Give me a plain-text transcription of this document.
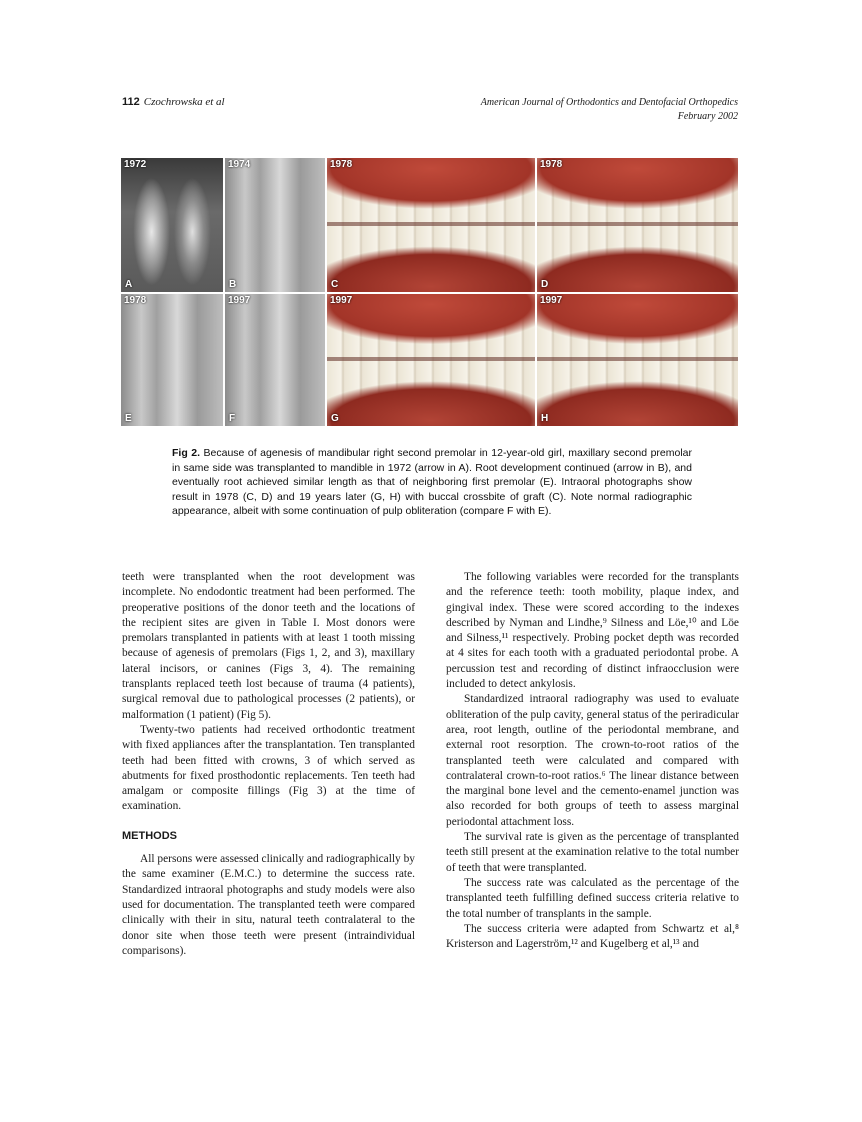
112 Czochrowska et al	American Journal of Orthodontics and Dentofacial Orthopedics
February 2002
1972
A
1974
B
1978
C
1978
D
1978
E
1997
F
1997
G
1997
H
Fig 2. Because of agenesis of mandibular right second premolar in 12-year-old girl, maxillary second premolar in same side was transplanted to mandible in 1972 (arrow in A). Root development continued (arrow in B), and eventually root achieved similar length as that of neighboring first premolar (E). Intraoral photographs show result in 1978 (C, D) and 19 years later (G, H) with buccal crossbite of graft (C). Note normal radiographic appearance, albeit with some continuation of pulp obliteration (compare F with E).

teeth were transplanted when the root development was incomplete. No endodontic treatment had been performed. The preoperative positions of the donor teeth and the locations of the recipient sites are given in Table I. Most donors were premolars transplanted in patients with at least 1 tooth missing because of agenesis of premolars (Figs 1, 2, and 3), maxillary lateral incisors, or canines (Figs 3, 4). The remaining transplants replaced teeth lost because of trauma (4 patients), surgical removal due to pathological processes (2 patients), or malformation (1 patient) (Fig 5).

Twenty-two patients had received orthodontic treatment with fixed appliances after the transplantation. Ten transplanted teeth had been fitted with crowns, 3 of which served as abutments for fixed prosthodontic replacements. Ten teeth had amalgam or composite fillings (Fig 3) at the time of examination.

METHODS

All persons were assessed clinically and radiographically by the same examiner (E.M.C.) to determine the success rate. Standardized intraoral photographs and study models were also used for documentation. The transplanted teeth were compared clinically with their in situ, natural teeth contralateral to the donor site when those teeth were present (intraindividual comparisons).

The following variables were recorded for the transplants and the reference teeth: tooth mobility, plaque index, and gingival index. These were scored according to the indexes described by Nyman and Lindhe,⁹ Silness and Löe,¹⁰ and Löe and Silness,¹¹ respectively. Probing pocket depth was recorded at 4 sites for each tooth with a graduated periodontal probe. A percussion test and recording of distinct infraocclusion were included to detect ankylosis.

Standardized intraoral radiography was used to evaluate obliteration of the pulp cavity, general status of the periradicular area, root length, outline of the periodontal membrane, and external root resorption. The crown-to-root ratios of the transplanted teeth were calculated and compared with contralateral crown-to-root ratios.⁶ The linear distance between the marginal bone level and the cemento-enamel junction was also recorded for both groups of teeth to assess marginal periodontal attachment loss.

The survival rate is given as the percentage of transplanted teeth still present at the examination relative to the total number of teeth that were transplanted.

The success rate was calculated as the percentage of the transplanted teeth fulfilling defined success criteria relative to the total number of transplants in the sample.

The success criteria were adapted from Schwartz et al,⁸ Kristerson and Lagerström,¹² and Kugelberg et al,¹³ and
